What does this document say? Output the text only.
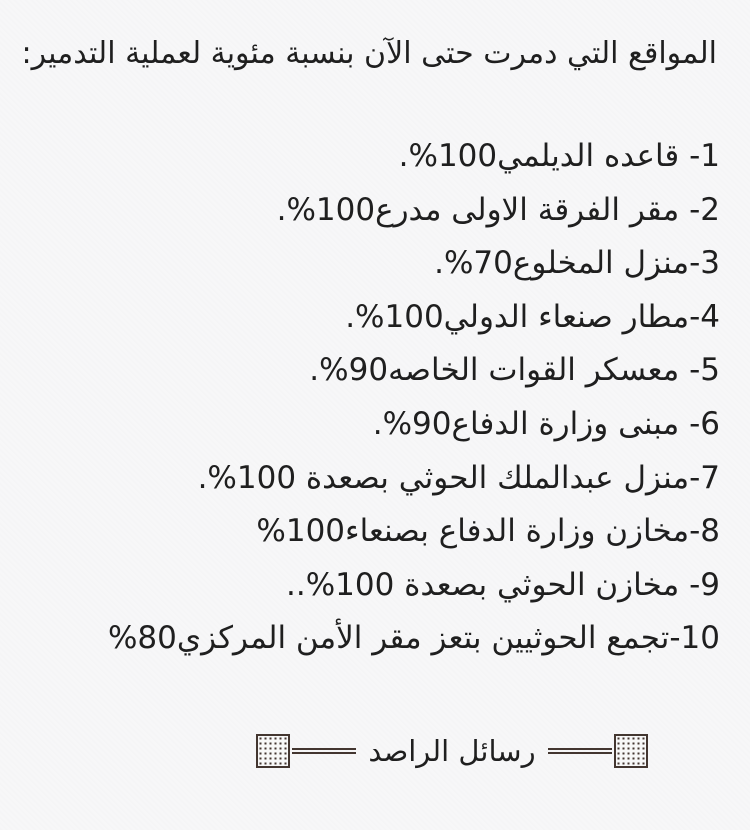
المواقع التي دمرت حتى الآن بنسبة مئوية لعملية التدمير:
1- قاعده الديلمي100%.
2- مقر الفرقة الاولى مدرع100%.
3-منزل المخلوع70%.
4-مطار صنعاء الدولي100%.
5- معسكر القوات الخاصه90%.
6- مبنى وزارة الدفاع90%.
7-منزل عبدالملك الحوثي بصعدة 100%.
8-مخازن وزارة الدفاع بصنعاء100%
9- مخازن الحوثي بصعدة 100%..
10-تجمع الحوثيين بتعز مقر الأمن المركزي80%
رسائل الراصد
